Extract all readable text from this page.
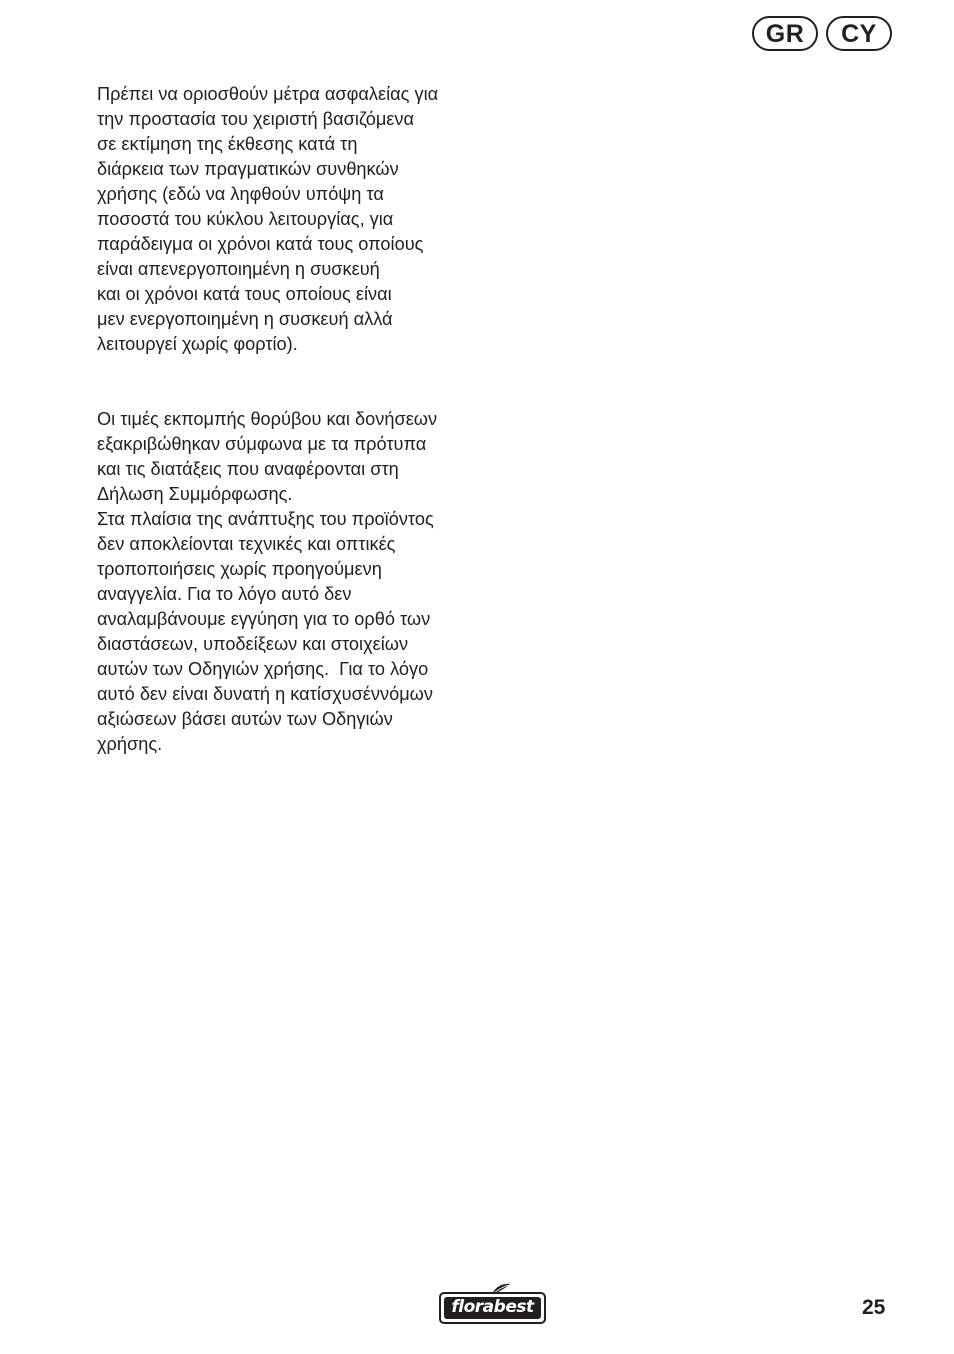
GR	CY
Πρέπει να οριοσθούν μέτρα ασφαλείας για
την προστασία του χειριστή βασιζόμενα
σε εκτίμηση της έκθεσης κατά τη
διάρκεια των πραγματικών συνθηκών
χρήσης (εδώ να ληφθούν υπόψη τα
ποσοστά του κύκλου λειτουργίας, για
παράδειγμα οι χρόνοι κατά τους οποίους
είναι απενεργοποιημένη η συσκευή
και οι χρόνοι κατά τους οποίους είναι
μεν ενεργοποιημένη η συσκευή αλλά
λειτουργεί χωρίς φορτίο).
Οι τιμές εκπομπής θορύβου και δονήσεων
εξακριβώθηκαν σύμφωνα με τα πρότυπα
και τις διατάξεις που αναφέρονται στη
Δήλωση Συμμόρφωσης.
Στα πλαίσια της ανάπτυξης του προϊόντος
δεν αποκλείονται τεχνικές και οπτικές
τροποποιήσεις χωρίς προηγούμενη
αναγγελία. Για το λόγο αυτό δεν
αναλαμβάνουμε εγγύηση για το ορθό των
διαστάσεων, υποδείξεων και στοιχείων
αυτών των Οδηγιών χρήσης.  Για το λόγο
αυτό δεν είναι δυνατή η κατίσχυσέννόμων
αξιώσεων βάσει αυτών των Οδηγιών
χρήσης.
florabest	25
